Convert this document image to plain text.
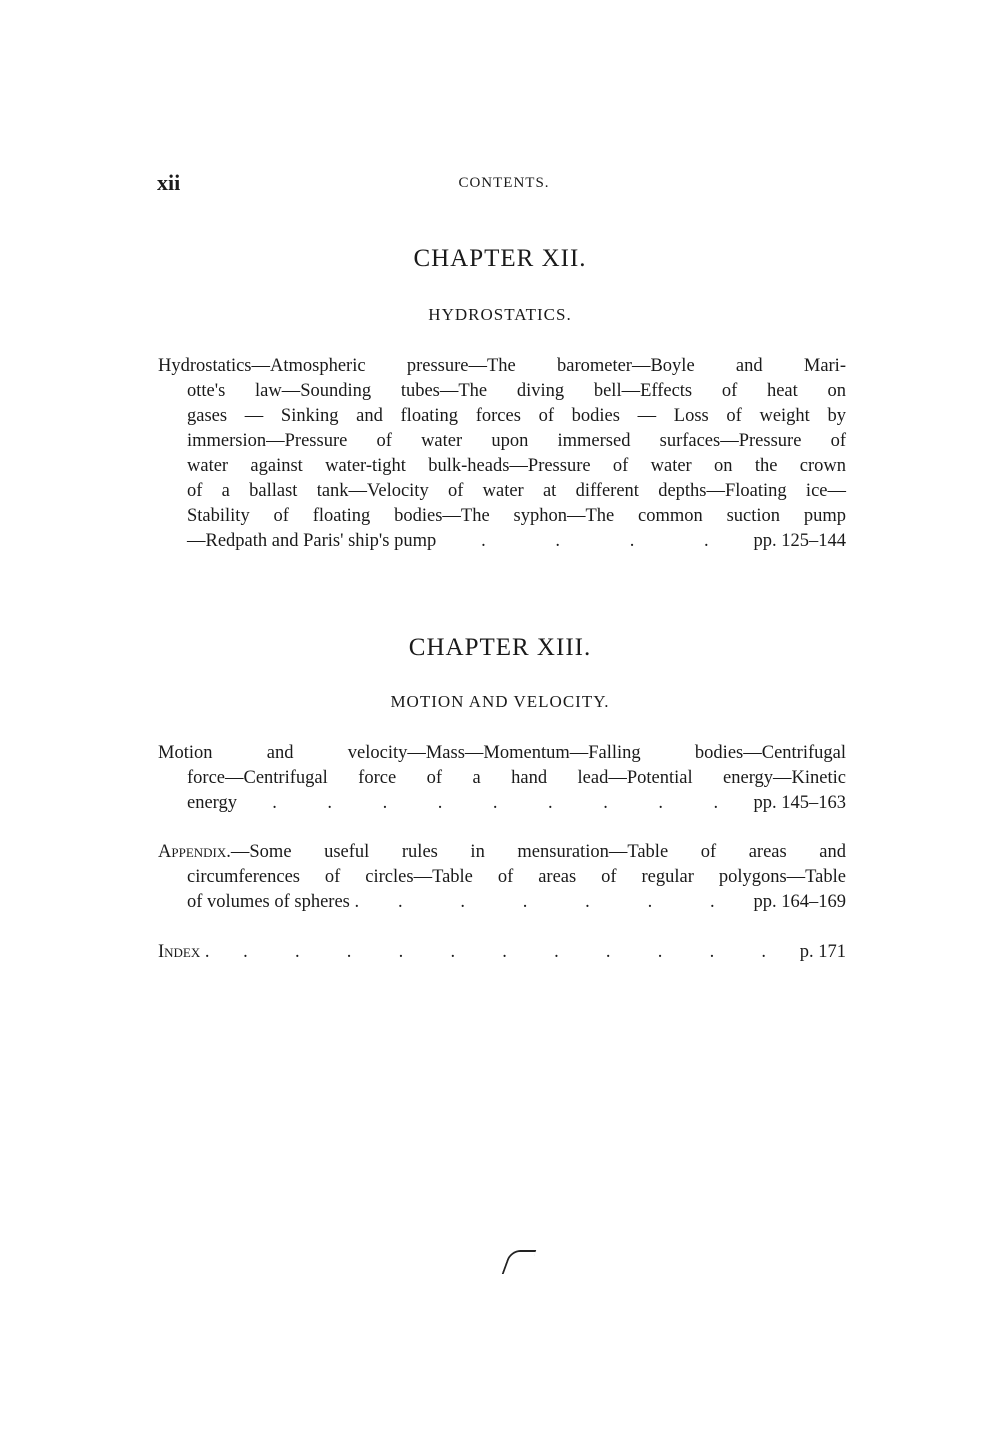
xii	CONTENTS.
CHAPTER XII.
HYDROSTATICS.
Hydrostatics—Atmospheric pressure—The barometer—Boyle and Mari-
otte's law—Sounding tubes—The diving bell—Effects of heat on
gases — Sinking and floating forces of bodies — Loss of weight by
immersion—Pressure of water upon immersed surfaces—Pressure of
water against water-tight bulk-heads—Pressure of water on the crown
of a ballast tank—Velocity of water at different depths—Floating ice—
Stability of floating bodies—The syphon—The common suction pump
—Redpath and Paris' ship's pump .	.	.	. pp. 125–144
CHAPTER XIII.
MOTION AND VELOCITY.
Motion and velocity—Mass—Momentum—Falling bodies—Centrifugal
force—Centrifugal force of a hand lead—Potential energy—Kinetic
energy .	.	.	.	.	.	.	.	. pp. 145–163
Appendix.—Some useful rules in mensuration—Table of areas and
circumferences of circles—Table of areas of regular polygons—Table
of volumes of spheres . .	.	.	.	.	. pp. 164–169
Index . .	.	.	.	.	.	.	.	.	.	. p. 171
